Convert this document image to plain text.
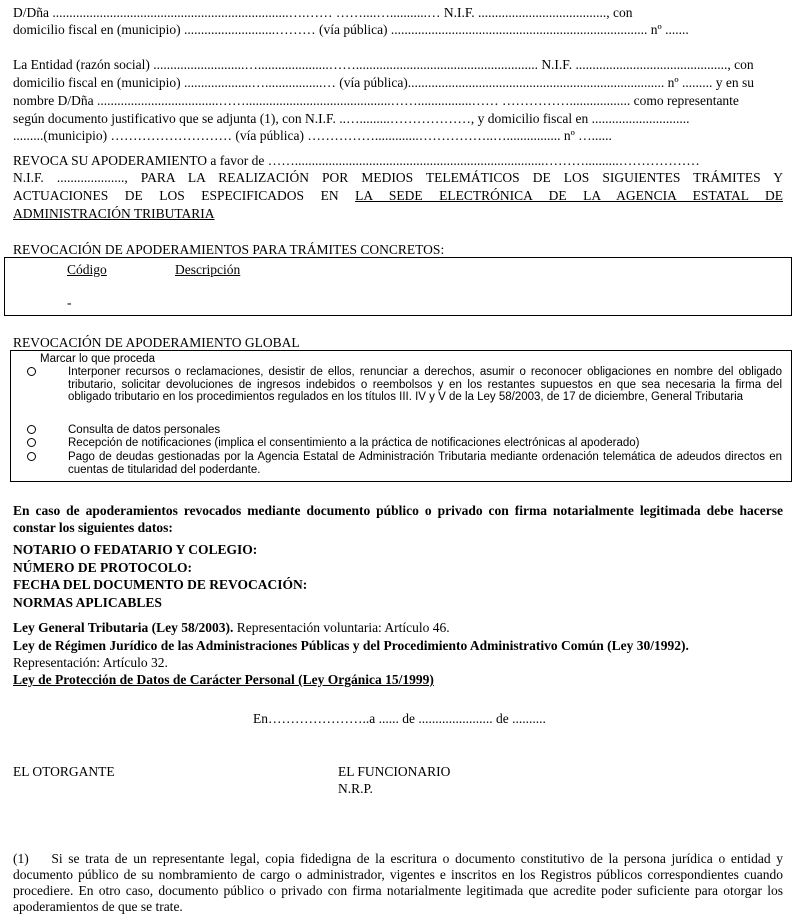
D/Dña ......................................................................….…… ……....…...........… N.I.F. ......................................, con
domicilio fiscal en (municipio) ...........................……… (vía pública) ............................................................................ nº .......
La Entidad (razón social) ...........................….....................……...................................................... N.I.F. ............................................., con
domicilio fiscal en (municipio) ....................….................… (vía pública)............................................................................ nº ......... y en su
nombre D/Dña ....................................……...........................................……................…… …………….................. como representante
según documento justificativo que se adjunta (1), con N.I.F. ..….........………………, y domicilio fiscal en .............................
.........(municipio) ……………………… (vía pública) …………….............……………..…................ nº …......
REVOCA SU APODERAMIENTO a favor de ……..........................................................................………..........………………
N.I.F. ...................., PARA LA REALIZACIÓN POR MEDIOS TELEMÁTICOS DE LOS SIGUIENTES TRÁMITES Y
ACTUACIONES DE LOS ESPECIFICADOS EN LA SEDE ELECTRÓNICA DE LA AGENCIA ESTATAL DE
ADMINISTRACIÓN TRIBUTARIA
REVOCACIÓN DE APODERAMIENTOS PARA TRÁMITES CONCRETOS:
Código	Descripción
-
REVOCACIÓN DE APODERAMIENTO GLOBAL
Marcar lo que proceda
Interponer recursos o reclamaciones, desistir de ellos, renunciar a derechos, asumir o reconocer obligaciones en nombre del obligado tributario, solicitar devoluciones de ingresos indebidos o reembolsos y en los restantes supuestos en que sea necesaria la firma del obligado tributario en los procedimientos regulados en los títulos III. IV y V de la Ley 58/2003, de 17 de diciembre, General Tributaria
Consulta de datos personales
Recepción de notificaciones (implica el consentimiento a la práctica de notificaciones electrónicas al apoderado)
Pago de deudas gestionadas por la Agencia Estatal de Administración Tributaria mediante ordenación telemática de adeudos directos en cuentas de titularidad del poderdante.
En caso de apoderamientos revocados mediante documento público o privado con firma notarialmente legitimada debe hacerse constar los siguientes datos:
NOTARIO O FEDATARIO Y COLEGIO:
NÚMERO DE PROTOCOLO:
FECHA DEL DOCUMENTO DE REVOCACIÓN:
NORMAS APLICABLES
Ley General Tributaria (Ley 58/2003). Representación voluntaria: Artículo 46.
Ley de Régimen Jurídico de las Administraciones Públicas y del Procedimiento Administrativo Común (Ley 30/1992).
Representación: Artículo 32.
Ley de Protección de Datos de Carácter Personal (Ley Orgánica 15/1999)
En…………………..a ...... de ...................... de ..........
EL OTORGANTE	EL FUNCIONARIO
N.R.P.
(1)    Si se trata de un representante legal, copia fidedigna de la escritura o documento constitutivo de la persona jurídica o entidad y documento público de su nombramiento de cargo o administrador, vigentes e inscritos en los Registros públicos correspondientes cuando procediere. En otro caso, documento público o privado con firma notarialmente legitimada que acredite poder suficiente para otorgar los apoderamientos de que se trate.
